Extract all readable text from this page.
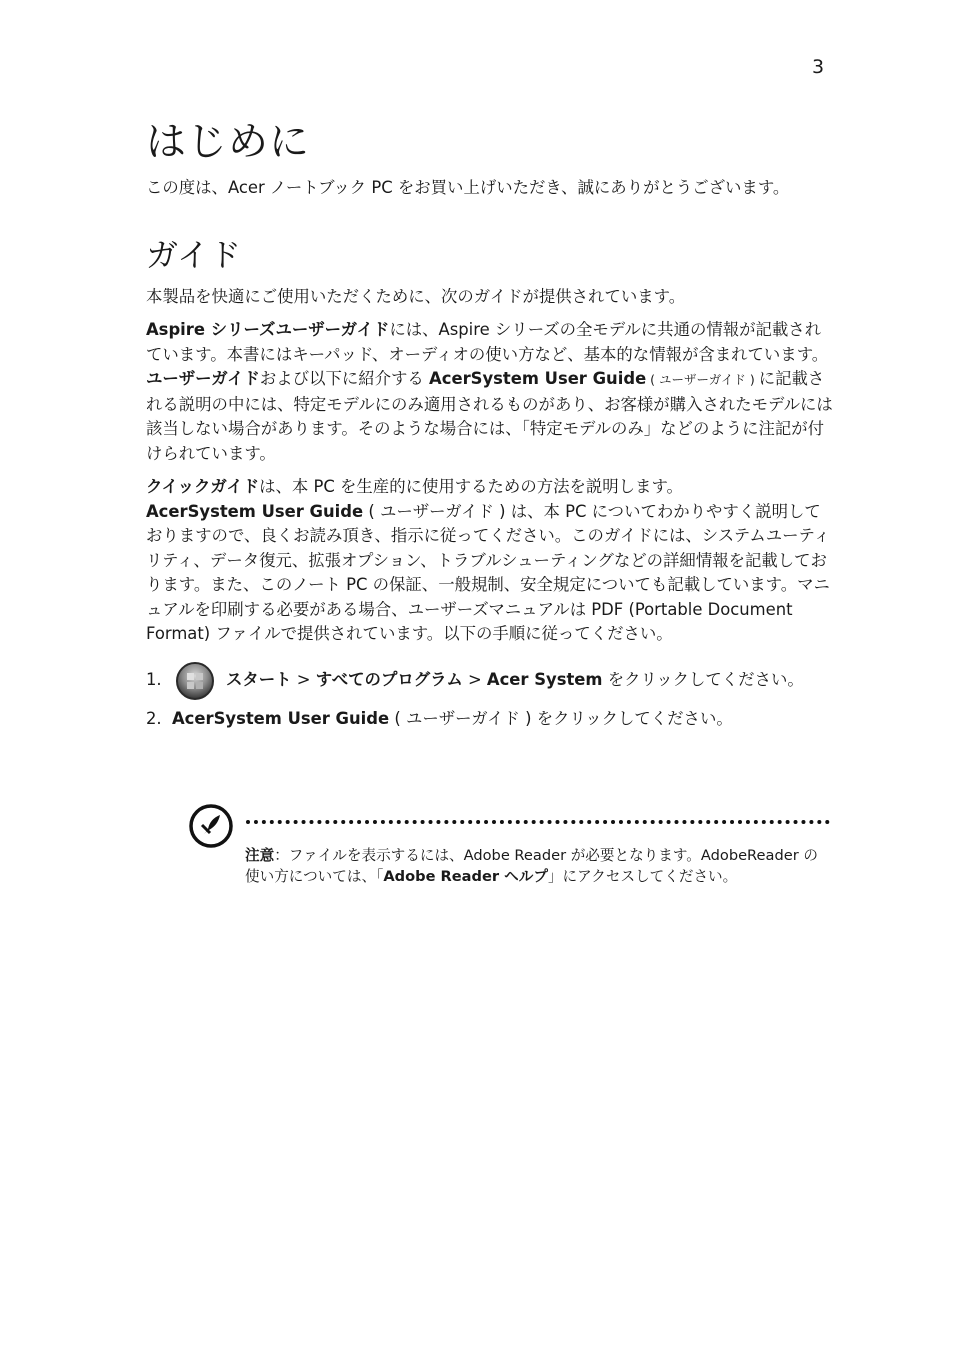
3
はじめに

この度は、Acer ノートブック PC をお買い上げいただき、誠にありがとうございます。

ガイド

本製品を快適にご使用いただくために、次のガイドが提供されています。

Aspire シリーズユーザーガイドには、Aspire シリーズの全モデルに共通の情報が記載されています。本書にはキーパッド、オーディオの使い方など、基本的な情報が含まれています。ユーザーガイドおよび以下に紹介する AcerSystem User Guide ( ユーザーガイド ) に記載される説明の中には、特定モデルにのみ適用されるものがあり、お客様が購入されたモデルには該当しない場合があります。そのような場合には、「特定モデルのみ」などのように注記が付けられています。

クイックガイドは、本 PC を生産的に使用するための方法を説明します。

AcerSystem User Guide ( ユーザーガイド ) は、本 PC についてわかりやすく説明しておりますので、良くお読み頂き、指示に従ってください。このガイドには、システムユーティリティ、データ復元、拡張オプション、トラブルシューティングなどの詳細情報を記載しております。また、このノート PC の保証、一般規制、安全規定についても記載しています。マニュアルを印刷する必要がある場合、ユーザーズマニュアルは PDF (Portable Document Format) ファイルで提供されています。以下の手順に従ってください。

1.	スタート > すべてのプログラム > Acer System をクリックしてください。
2. AcerSystem User Guide ( ユーザーガイド ) をクリックしてください。
注意：ファイルを表示するには、Adobe Reader が必要となります。AdobeReader の使い方については、「Adobe Reader ヘルプ」にアクセスしてください。
